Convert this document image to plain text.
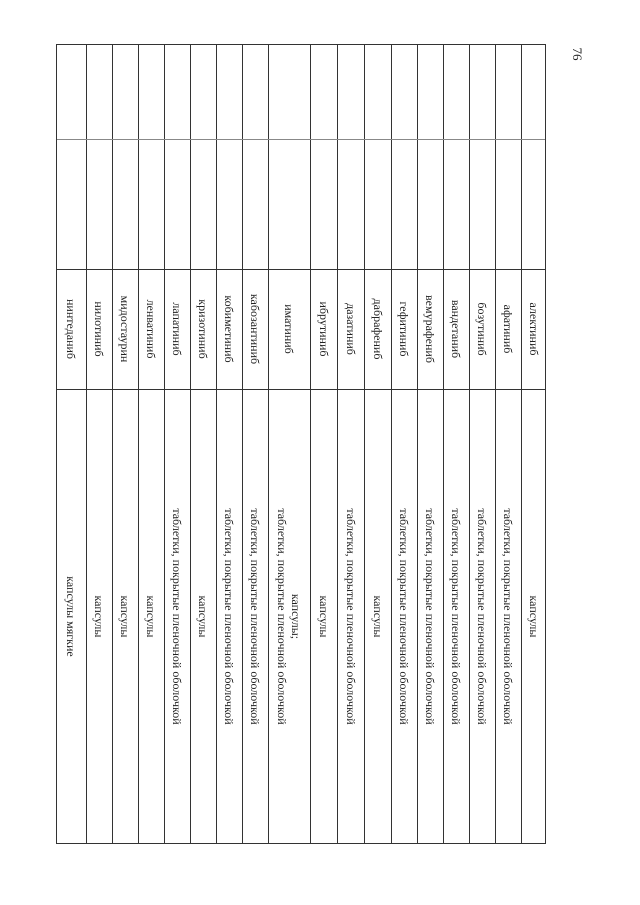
76
алектиниб
капсулы
афатиниб
таблетки, покрытые пленочной оболочкой
бозутиниб
таблетки, покрытые пленочной оболочкой
вандетаниб
таблетки, покрытые пленочной оболочкой
вемурафениб
таблетки, покрытые пленочной оболочкой
гефитиниб
таблетки, покрытые пленочной оболочкой
дабрафениб
капсулы
дазатиниб
таблетки, покрытые пленочной оболочкой
ибрутиниб
капсулы
иматиниб
капсулы;
таблетки, покрытые пленочной оболочкой
кабозантиниб
таблетки, покрытые пленочной оболочкой
кобиметиниб
таблетки, покрытые пленочной оболочкой
кризотиниб
капсулы
лапатиниб
таблетки, покрытые пленочной оболочкой
ленватиниб
капсулы
мидостаурин
капсулы
нилотиниб
капсулы
нинтеданиб
капсулы мягкие
